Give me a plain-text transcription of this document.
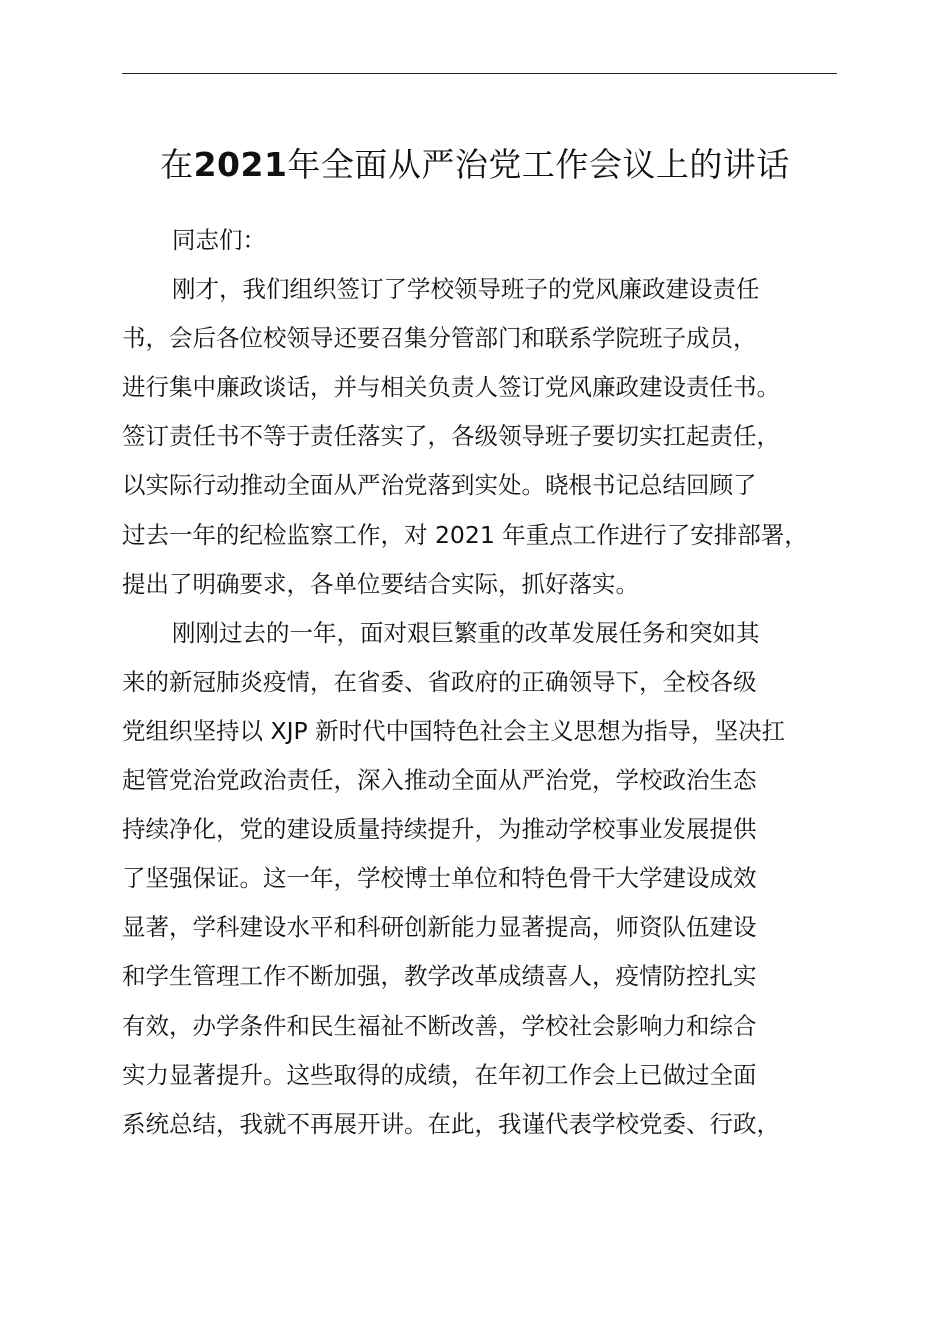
在2021年全面从严治党工作会议上的讲话
同志们：
刚才，我们组织签订了学校领导班子的党风廉政建设责任
书，会后各位校领导还要召集分管部门和联系学院班子成员，
进行集中廉政谈话，并与相关负责人签订党风廉政建设责任书。
签订责任书不等于责任落实了，各级领导班子要切实扛起责任，
以实际行动推动全面从严治党落到实处。晓根书记总结回顾了
过去一年的纪检监察工作，对 2021 年重点工作进行了安排部署，
提出了明确要求，各单位要结合实际，抓好落实。
刚刚过去的一年，面对艰巨繁重的改革发展任务和突如其
来的新冠肺炎疫情，在省委、省政府的正确领导下，全校各级
党组织坚持以 XJP 新时代中国特色社会主义思想为指导，坚决扛
起管党治党政治责任，深入推动全面从严治党，学校政治生态
持续净化，党的建设质量持续提升，为推动学校事业发展提供
了坚强保证。这一年，学校博士单位和特色骨干大学建设成效
显著，学科建设水平和科研创新能力显著提高，师资队伍建设
和学生管理工作不断加强，教学改革成绩喜人，疫情防控扎实
有效，办学条件和民生福祉不断改善，学校社会影响力和综合
实力显著提升。这些取得的成绩，在年初工作会上已做过全面
系统总结，我就不再展开讲。在此，我谨代表学校党委、行政，
